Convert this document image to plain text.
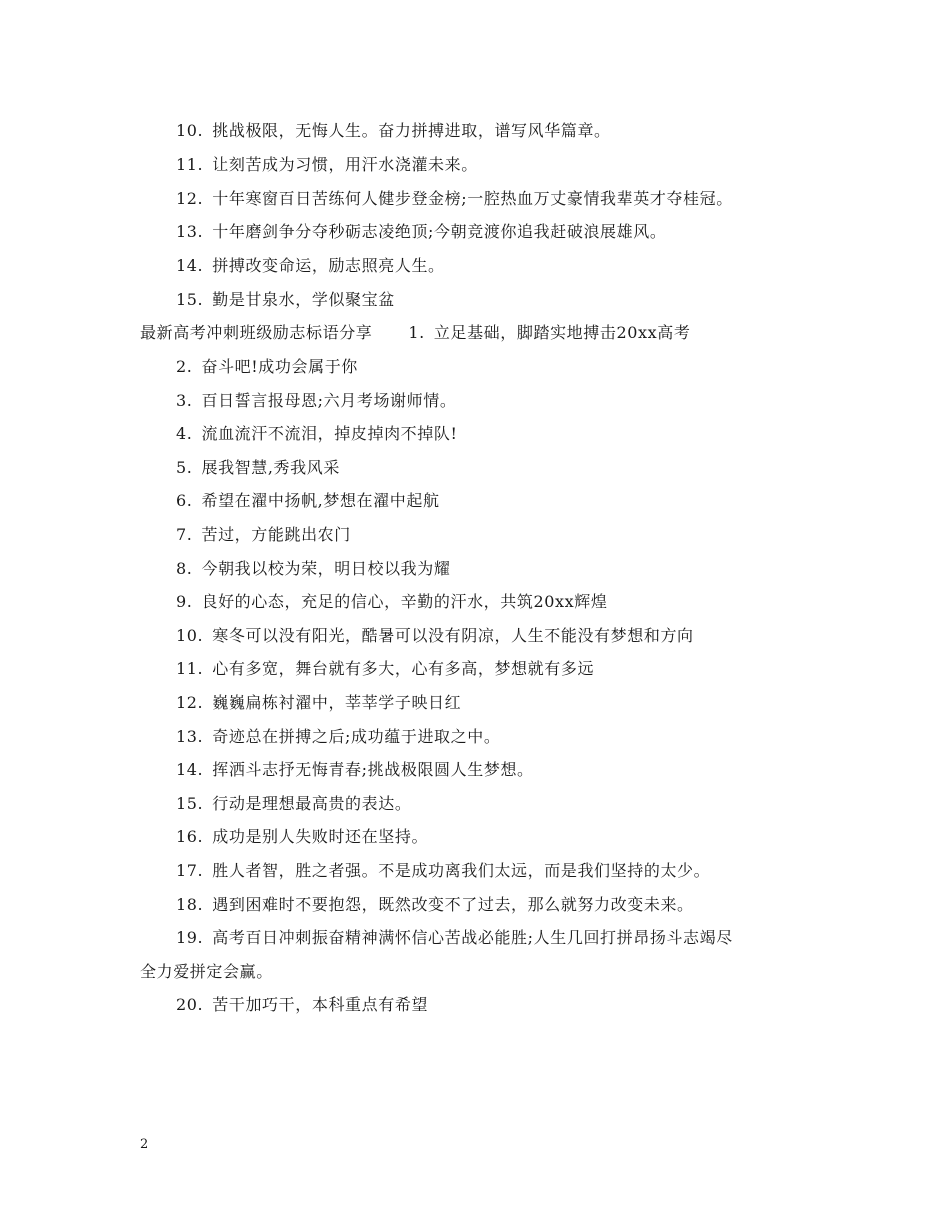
10. 挑战极限，无悔人生。奋力拼搏进取，谱写风华篇章。
11. 让刻苦成为习惯，用汗水浇灌未来。
12. 十年寒窗百日苦练何人健步登金榜;一腔热血万丈豪情我辈英才夺桂冠。
13. 十年磨剑争分夺秒砺志凌绝顶;今朝竞渡你追我赶破浪展雄风。
14. 拼搏改变命运，励志照亮人生。
15. 勤是甘泉水，学似聚宝盆
最新高考冲刺班级励志标语分享 1. 立足基础，脚踏实地搏击20xx高考
2. 奋斗吧!成功会属于你
3. 百日誓言报母恩;六月考场谢师情。
4. 流血流汗不流泪，掉皮掉肉不掉队!
5. 展我智慧,秀我风采
6. 希望在濯中扬帆,梦想在濯中起航
7. 苦过，方能跳出农门
8. 今朝我以校为荣，明日校以我为耀
9. 良好的心态，充足的信心，辛勤的汗水，共筑20xx辉煌
10. 寒冬可以没有阳光，酷暑可以没有阴凉，人生不能没有梦想和方向
11. 心有多宽，舞台就有多大，心有多高，梦想就有多远
12. 巍巍扁栋衬濯中，莘莘学子映日红
13. 奇迹总在拼搏之后;成功蕴于进取之中。
14. 挥洒斗志抒无悔青春;挑战极限圆人生梦想。
15. 行动是理想最高贵的表达。
16. 成功是别人失败时还在坚持。
17. 胜人者智，胜之者强。不是成功离我们太远，而是我们坚持的太少。
18. 遇到困难时不要抱怨，既然改变不了过去，那么就努力改变未来。
19. 高考百日冲刺振奋精神满怀信心苦战必能胜;人生几回打拼昂扬斗志竭尽
全力爱拼定会赢。
20. 苦干加巧干，本科重点有希望
2
